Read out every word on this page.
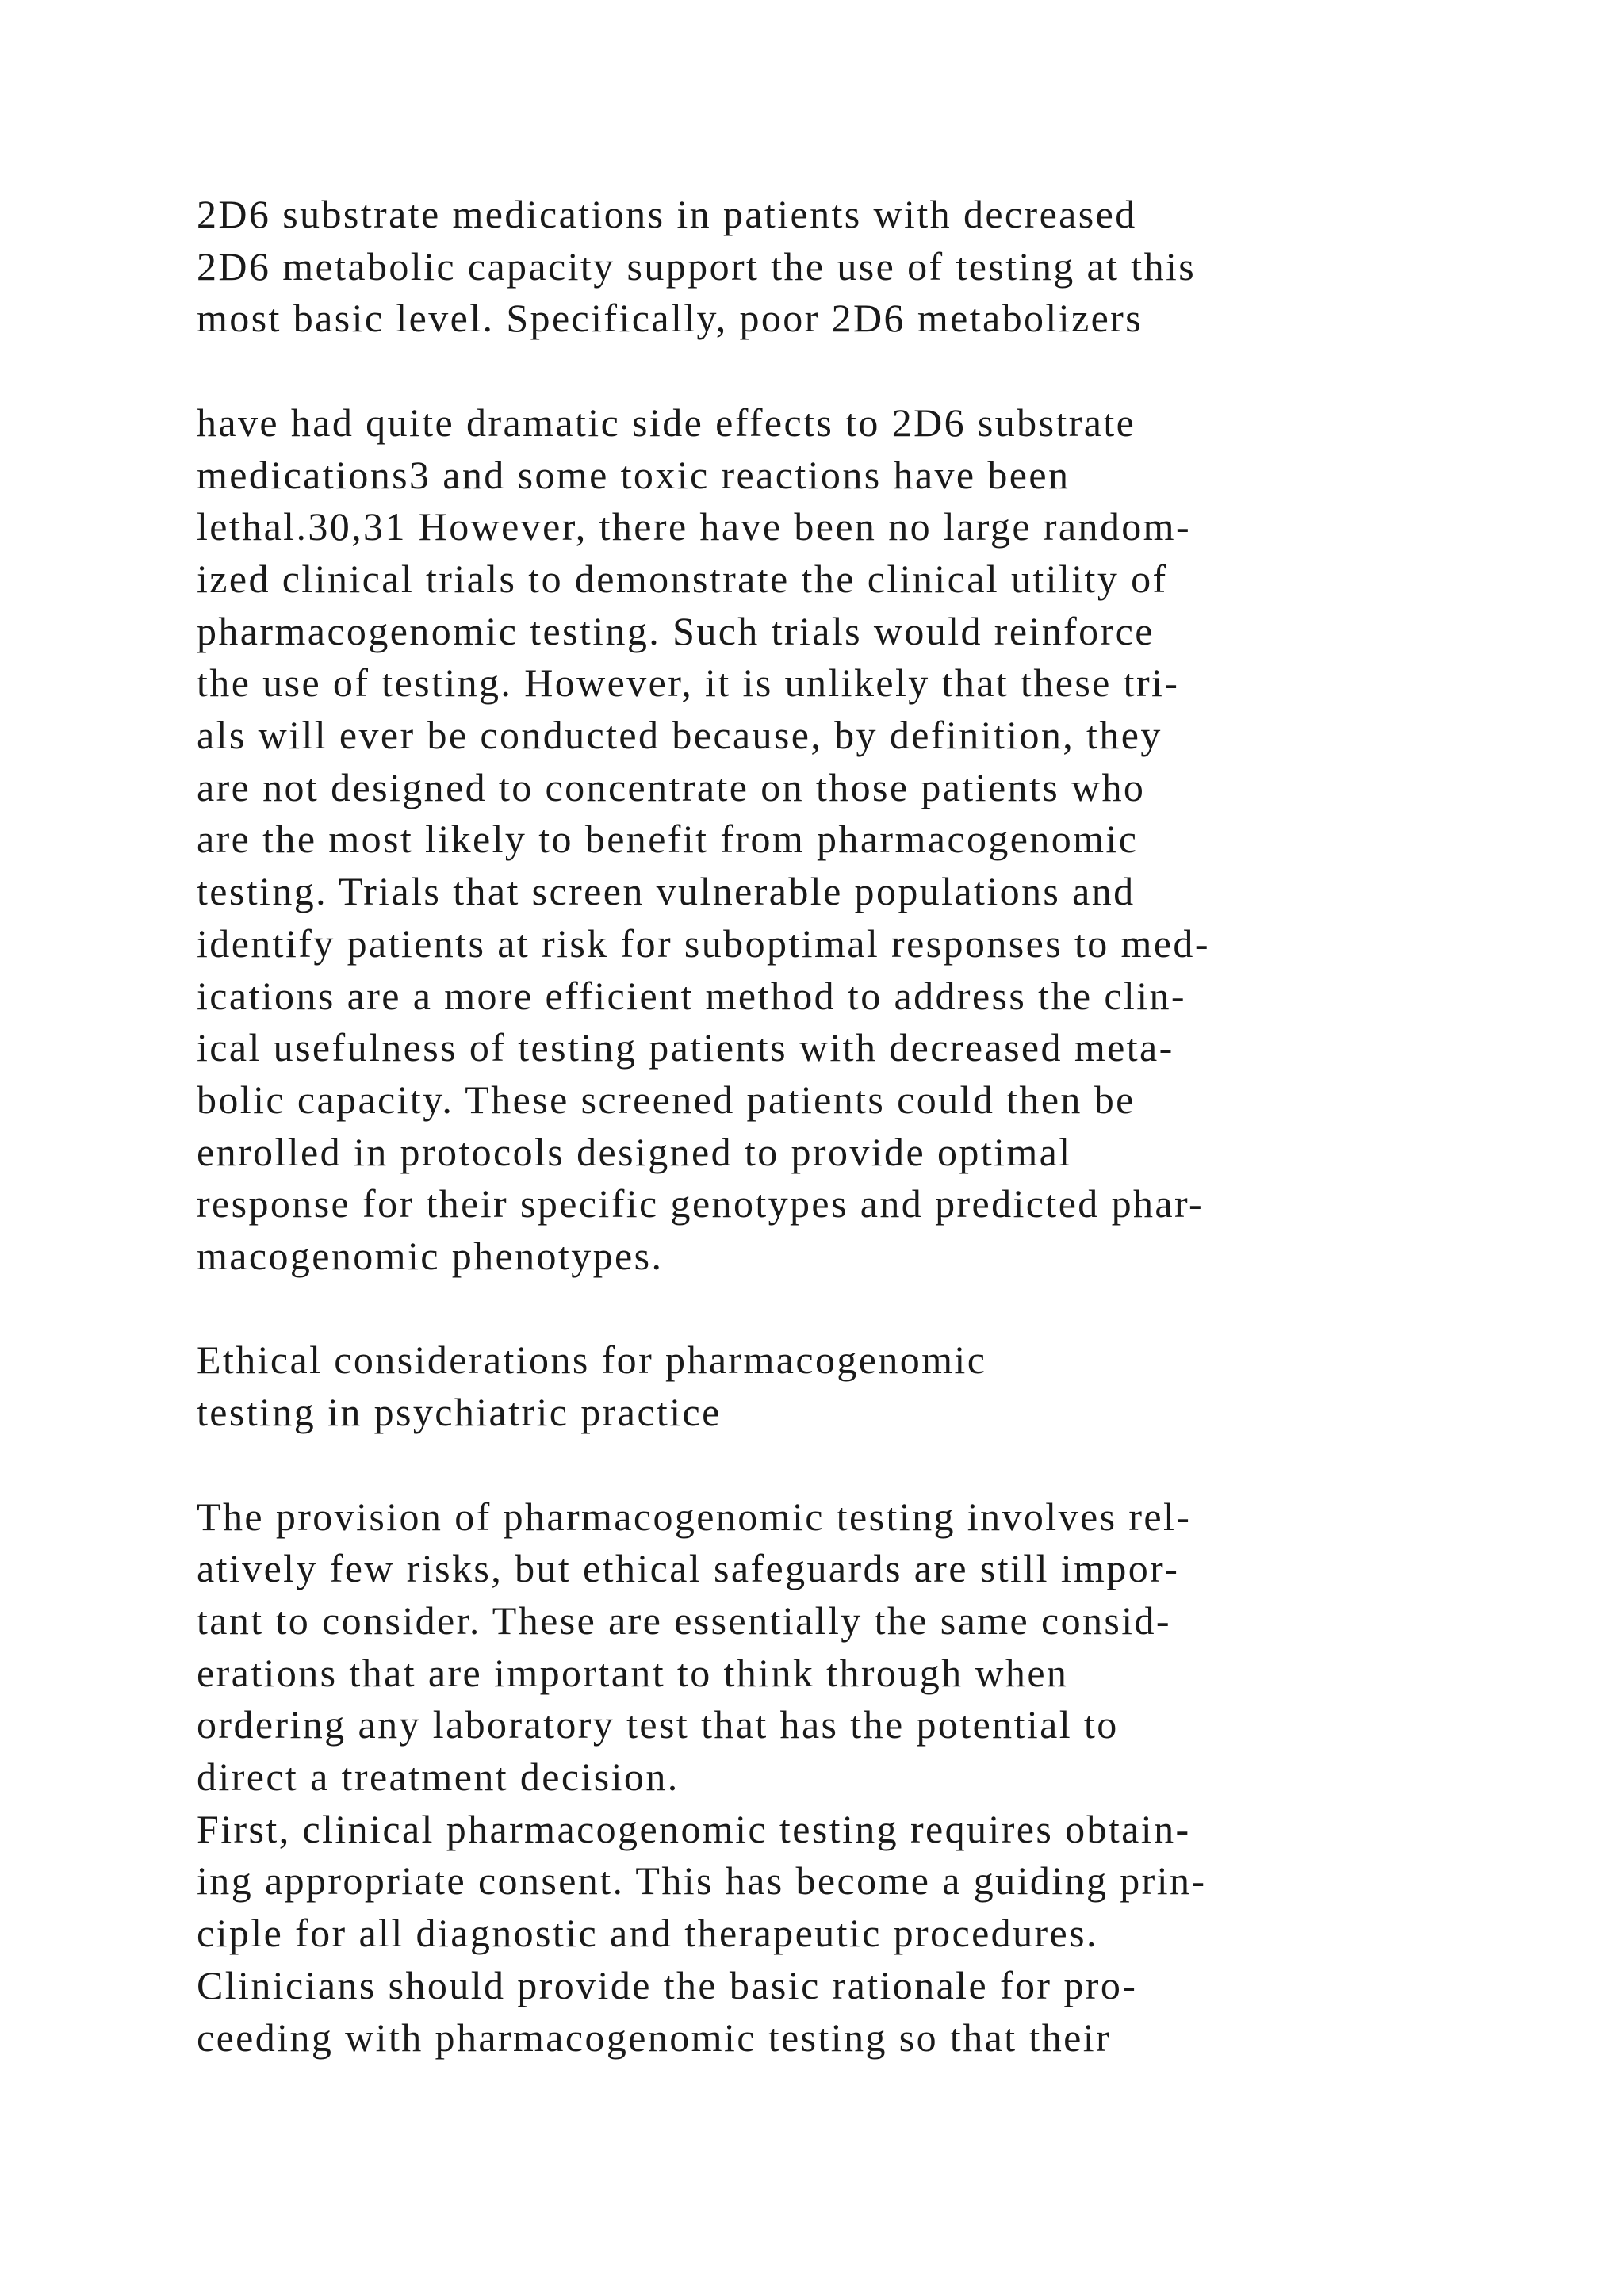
2D6 substrate medications in patients with decreased
2D6 metabolic capacity support the use of testing at this
most basic level. Specifically, poor 2D6 metabolizers
have had quite dramatic side effects to 2D6 substrate
medications3 and some toxic reactions have been
lethal.30,31 However, there have been no large random-
ized clinical trials to demonstrate the clinical utility of
pharmacogenomic testing. Such trials would reinforce
the use of testing. However, it is unlikely that these tri-
als will ever be conducted because, by definition, they
are not designed to concentrate on those patients who
are the most likely to benefit from pharmacogenomic
testing. Trials that screen vulnerable populations and
identify patients at risk for suboptimal responses to med-
ications are a more efficient method to address the clin-
ical usefulness of testing patients with decreased meta-
bolic capacity. These screened patients could then be
enrolled in protocols designed to provide optimal
response for their specific genotypes and predicted phar-
macogenomic phenotypes.
Ethical considerations for pharmacogenomic
testing in psychiatric practice
The provision of pharmacogenomic testing involves rel-
atively few risks, but ethical safeguards are still impor-
tant to consider. These are essentially the same consid-
erations that are important to think through when
ordering any laboratory test that has the potential to
direct a treatment decision.
First, clinical pharmacogenomic testing requires obtain-
ing appropriate consent. This has become a guiding prin-
ciple for all diagnostic and therapeutic procedures.
Clinicians should provide the basic rationale for pro-
ceeding with pharmacogenomic testing so that their
